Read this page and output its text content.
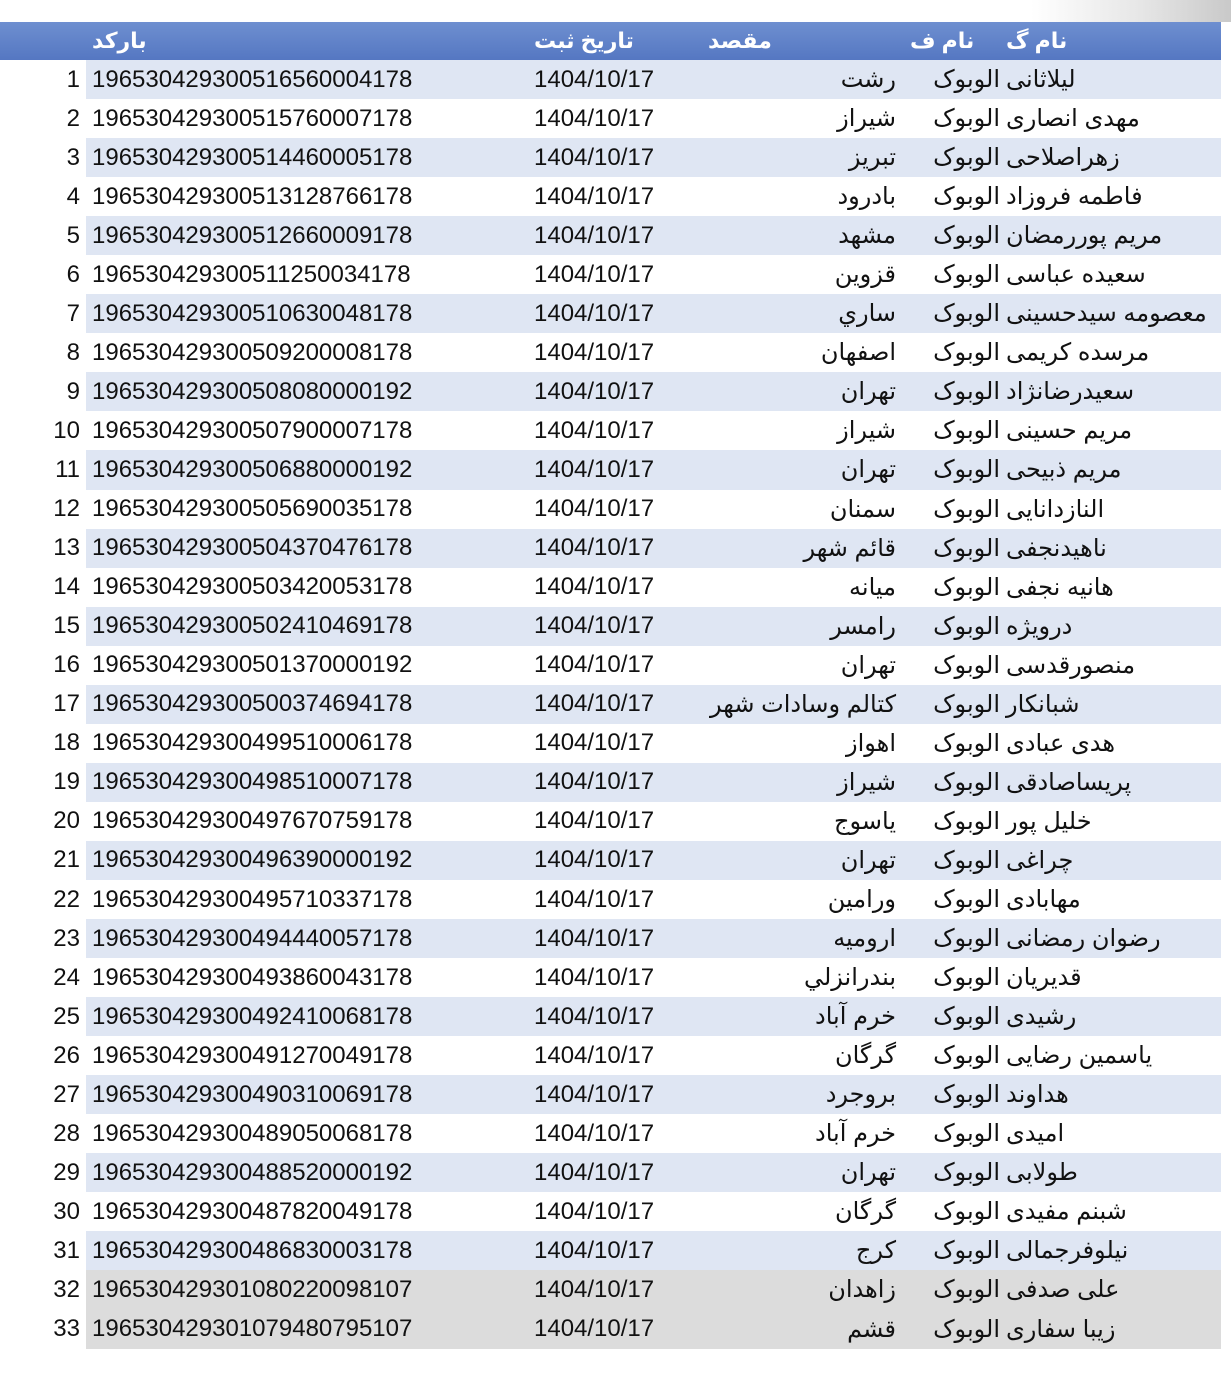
بارکد	تاریخ ثبت	مقصد	نام ف نام گ
1 19653042930051656000417​8	1404/10/17	رشت	الوبوک لیلاثانی
2 196530429300515760007178	1404/10/17	شیراز	الوبوک مهدی انصاری
3 196530429300514460005178	1404/10/17	تبریز	الوبوک زهراصلاحی
4 196530429300513128766178	1404/10/17	بادرود	الوبوک فاطمه فروزاد
5 196530429300512660009178	1404/10/17	مشهد	الوبوک مریم پوررمضان
6 196530429300511250034178	1404/10/17	قزوین	الوبوک سعیده عباسی
7 196530429300510630048178	1404/10/17	ساري	الوبوک معصومه سیدحسینی
8 196530429300509200008178	1404/10/17	اصفهان	الوبوک مرسده کریمی
9 196530429300508080000192	1404/10/17	تهران	الوبوک سعیدرضانژاد
10 196530429300507900007178	1404/10/17	شیراز	الوبوک مریم حسینی
11 196530429300506880000192	1404/10/17	تهران	الوبوک مریم ذبیحی
12 196530429300505690035178	1404/10/17	سمنان	الوبوک النازدانایی
13 196530429300504370476178	1404/10/17	قائم شهر	الوبوک ناهیدنجفی
14 196530429300503420053178	1404/10/17	میانه	الوبوک هانیه نجفی
15 196530429300502410469178	1404/10/17	رامسر	الوبوک درویژه
16 196530429300501370000192	1404/10/17	تهران	الوبوک منصورقدسی
17 196530429300500374694178	1404/10/17	کتالم وسادات شهر	الوبوک شبانکار
18 196530429300499510006178	1404/10/17	اهواز	الوبوک هدی عبادی
19 196530429300498510007178	1404/10/17	شیراز	الوبوک پریساصادقی
20 196530429300497670759178	1404/10/17	یاسوج	الوبوک خلیل پور
21 196530429300496390000192	1404/10/17	تهران	الوبوک چراغی
22 196530429300495710337178	1404/10/17	ورامین	الوبوک مهابادی
23 196530429300494440057178	1404/10/17	ارومیه	الوبوک رضوان رمضانی
24 196530429300493860043178	1404/10/17	بندرانزلي	الوبوک قدیریان
25 196530429300492410068178	1404/10/17	خرم آباد	الوبوک رشیدی
26 196530429300491270049178	1404/10/17	گرگان	الوبوک یاسمین رضایی
27 196530429300490310069178	1404/10/17	بروجرد	الوبوک هداوند
28 196530429300489050068178	1404/10/17	خرم آباد	الوبوک امیدی
29 196530429300488520000192	1404/10/17	تهران	الوبوک طولابی
30 196530429300487820049178	1404/10/17	گرگان	الوبوک شبنم مفیدی
31 196530429300486830003178	1404/10/17	کرج	الوبوک نیلوفرجمالی
32 196530429301080220098107	1404/10/17	زاهدان	الوبوک علی صدفی
33 196530429301079480795107	1404/10/17	قشم	الوبوک زیبا سفاری
